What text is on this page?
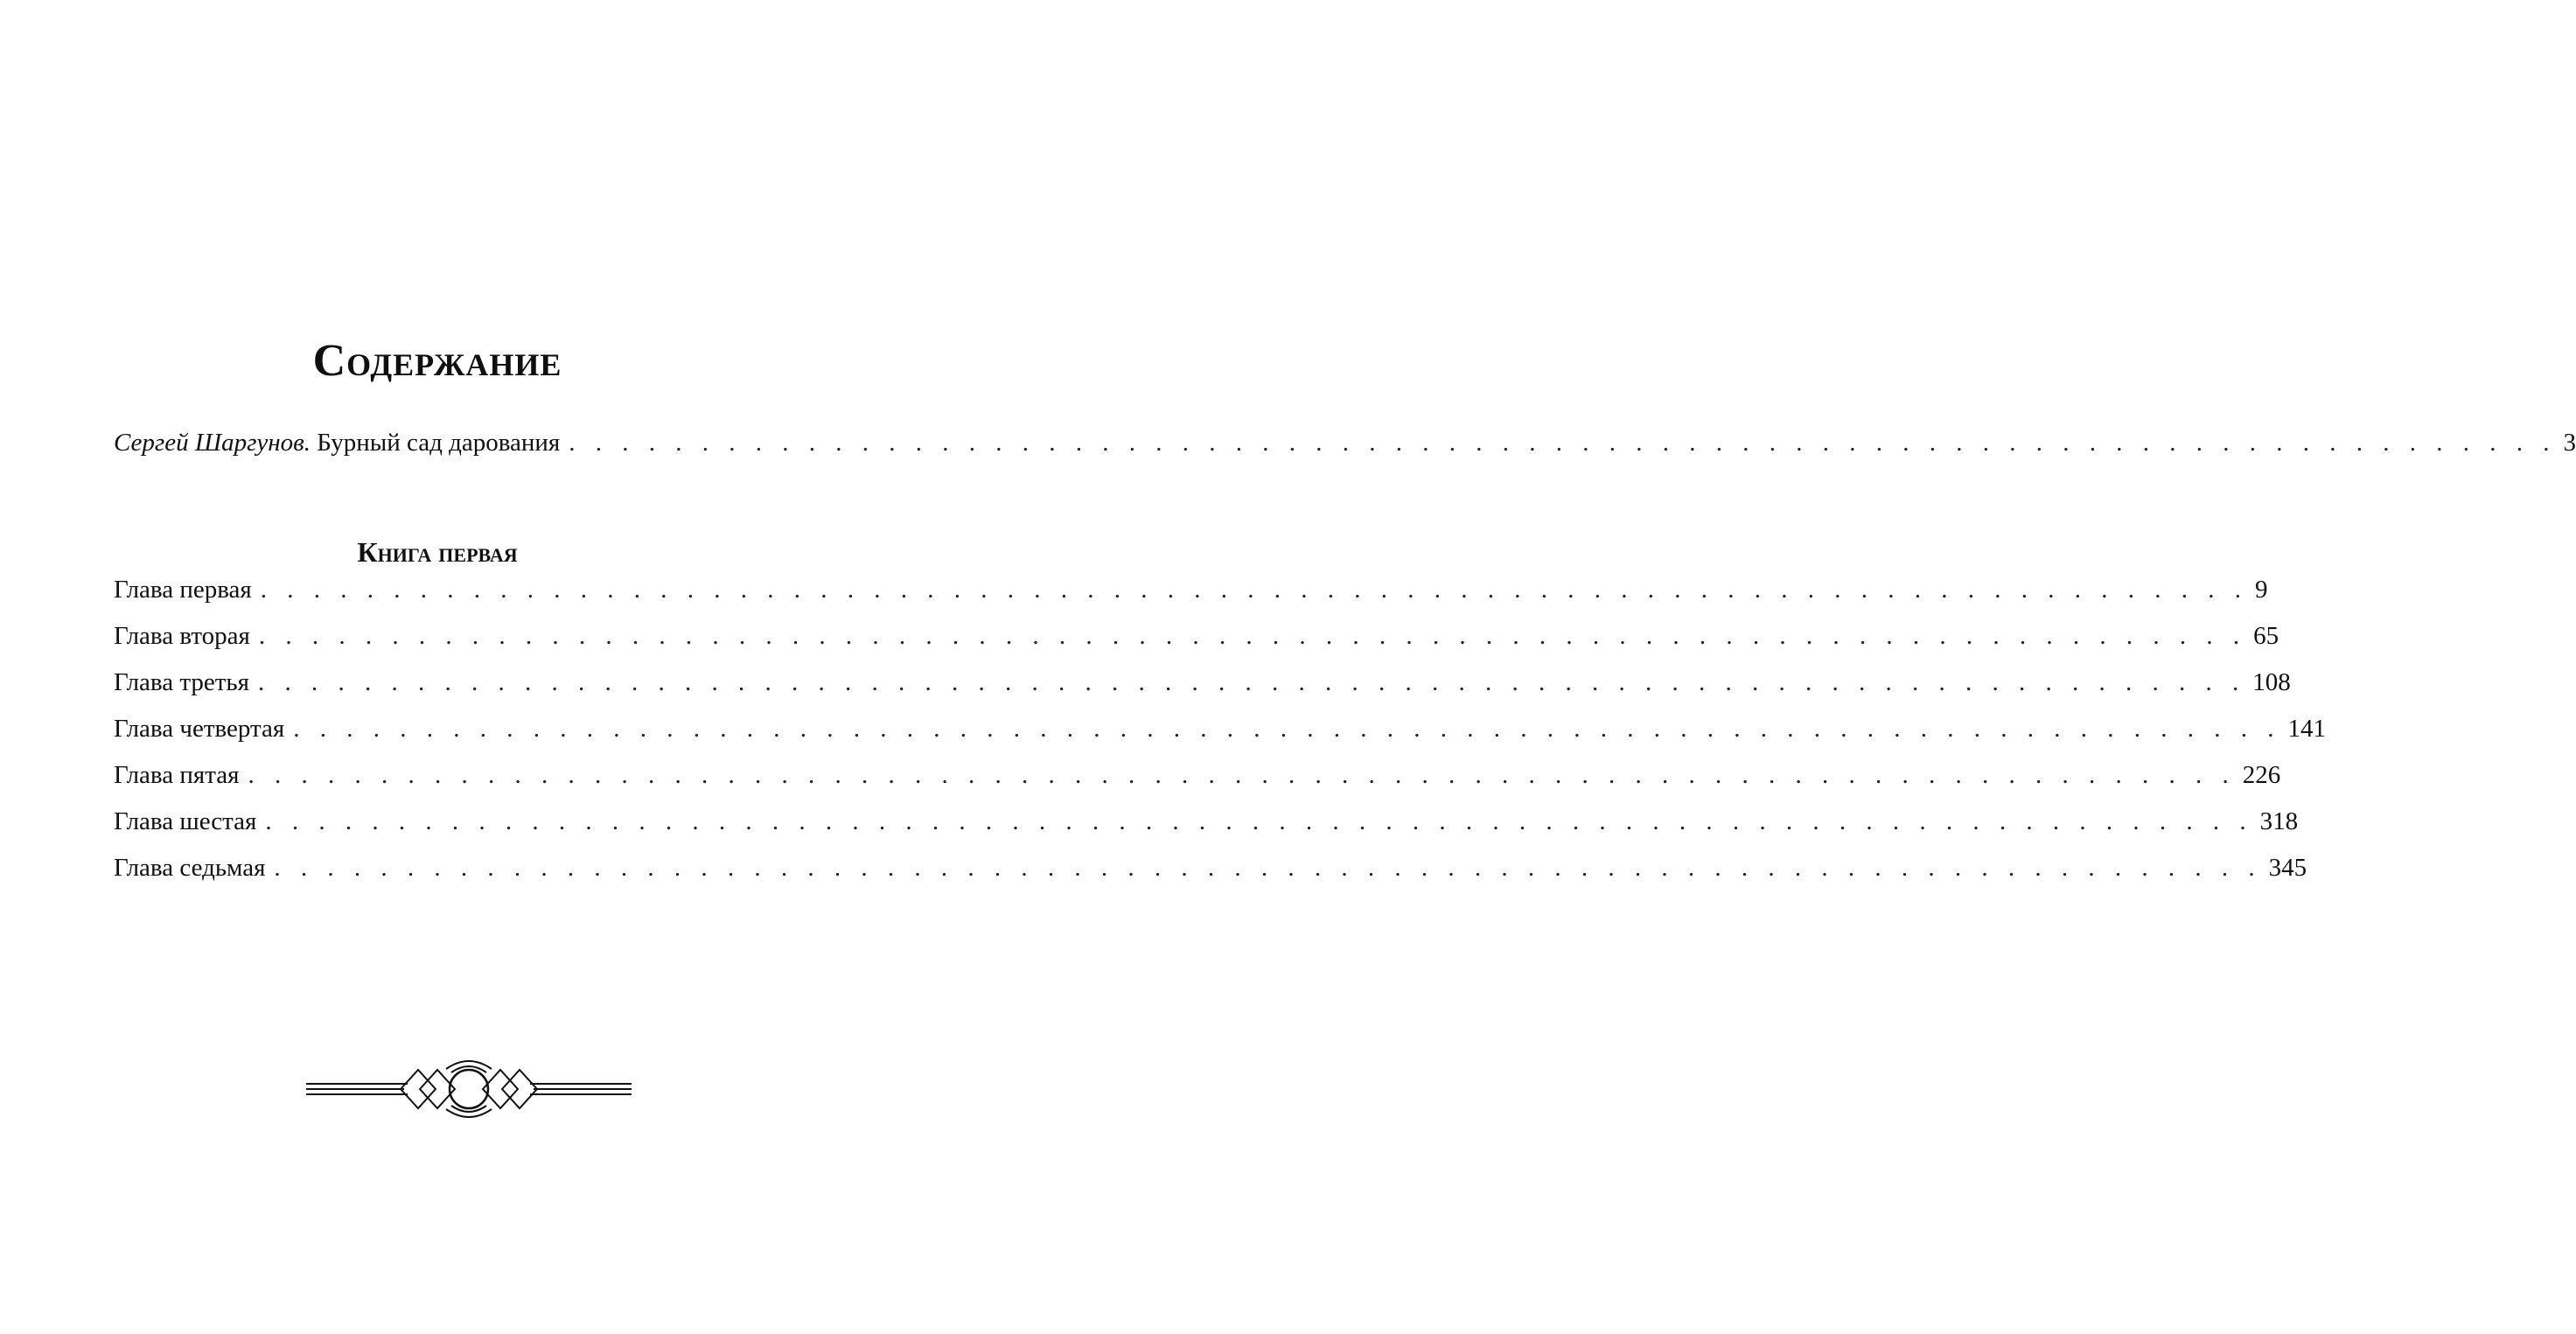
Содержание
Сергей Шаргунов.
Бурный сад дарования . . . . . . . . . . . . . . . . . . . . . . . . . . . . . . . . . . . . . . . . . . . . . . . . . . . . . . . . . . . . . . . . . . . . . . . . . . . 3
Книга первая
Глава первая . . . . . . . . . . . . . . . . . . . . . . . . . . . . . . . . . . . . . . . . . . . . . . . . . . . . . . . . . . . . . . . . . . . . . . . . . . . 9
Глава вторая . . . . . . . . . . . . . . . . . . . . . . . . . . . . . . . . . . . . . . . . . . . . . . . . . . . . . . . . . . . . . . . . . . . . . . . . . . . 65
Глава третья . . . . . . . . . . . . . . . . . . . . . . . . . . . . . . . . . . . . . . . . . . . . . . . . . . . . . . . . . . . . . . . . . . . . . . . . . . . 108
Глава четвертая . . . . . . . . . . . . . . . . . . . . . . . . . . . . . . . . . . . . . . . . . . . . . . . . . . . . . . . . . . . . . . . . . . . . . . . . . . . 141
Глава пятая . . . . . . . . . . . . . . . . . . . . . . . . . . . . . . . . . . . . . . . . . . . . . . . . . . . . . . . . . . . . . . . . . . . . . . . . . . . 226
Глава шестая . . . . . . . . . . . . . . . . . . . . . . . . . . . . . . . . . . . . . . . . . . . . . . . . . . . . . . . . . . . . . . . . . . . . . . . . . . . 318
Глава седьмая . . . . . . . . . . . . . . . . . . . . . . . . . . . . . . . . . . . . . . . . . . . . . . . . . . . . . . . . . . . . . . . . . . . . . . . . . . . 345
